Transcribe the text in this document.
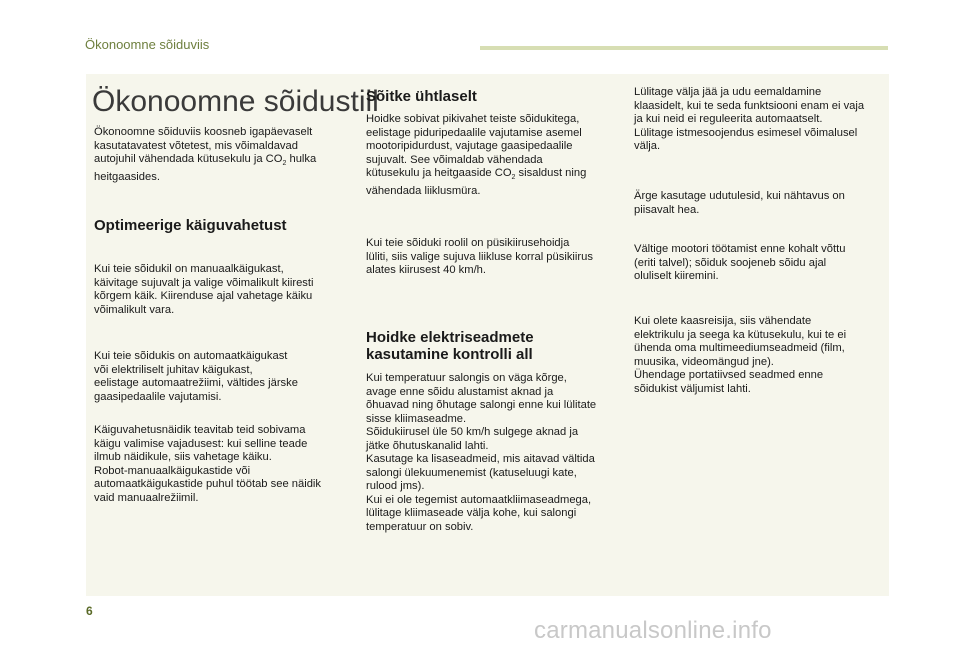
Ökonoomne sõiduviis
Ökonoomne sõidustiil
Ökonoomne sõiduviis koosneb igapäevaselt
kasutatavatest võtetest, mis võimaldavad
autojuhil vähendada kütusekulu ja $CO_2$ hulka
heitgaasides.
Optimeerige käiguvahetust
Kui teie sõidukil on manuaalkäigukast,
käivitage sujuvalt ja valige võimalikult kiiresti
kõrgem käik. Kiirenduse ajal vahetage käiku
võimalikult vara.
Kui teie sõidukis on automaatkäigukast
või elektriliselt juhitav käigukast,
eelistage automaatrežiimi, vältides järske
gaasipedaalile vajutamisi.
Käiguvahetusnäidik teavitab teid sobivama
käigu valimise vajadusest: kui selline teade
ilmub näidikule, siis vahetage käiku.
Robot-manuaalkäigukastide või
automaatkäigukastide puhul töötab see näidik
vaid manuaalrežiimil.
Sõitke ühtlaselt
Hoidke sobivat pikivahet teiste sõidukitega,
eelistage piduripedaalile vajutamise asemel
mootoripidurdust, vajutage gaasipedaalile
sujuvalt. See võimaldab vähendada
kütusekulu ja heitgaaside $CO_2$ sisaldust ning
vähendada liiklusmüra.
Kui teie sõiduki roolil on püsikiirusehoidja
lüliti, siis valige sujuva liikluse korral püsikiirus
alates kiirusest 40 km/h.
Hoidke elektriseadmete
kasutamine kontrolli all
Kui temperatuur salongis on väga kõrge,
avage enne sõidu alustamist aknad ja
õhuavad ning õhutage salongi enne kui lülitate
sisse kliimaseadme.
Sõidukiirusel üle 50 km/h sulgege aknad ja
jätke õhutuskanalid lahti.
Kasutage ka lisaseadmeid, mis aitavad vältida
salongi ülekuumenemist (katuseluugi kate,
rulood jms).
Kui ei ole tegemist automaatkliimaseadmega,
lülitage kliimaseade välja kohe, kui salongi
temperatuur on sobiv.
Lülitage välja jää ja udu eemaldamine
klaasidelt, kui te seda funktsiooni enam ei vaja
ja kui neid ei reguleerita automaatselt.
Lülitage istmesoojendus esimesel võimalusel
välja.
Ärge kasutage udutulesid, kui nähtavus on
piisavalt hea.
Vältige mootori töötamist enne kohalt võttu
(eriti talvel); sõiduk soojeneb sõidu ajal
oluliselt kiiremini.
Kui olete kaasreisija, siis vähendate
elektrikulu ja seega ka kütusekulu, kui te ei
ühenda oma multimeediumseadmeid (film,
muusika, videomängud jne).
Ühendage portatiivsed seadmed enne
sõidukist väljumist lahti.
6
carmanualsonline.info
